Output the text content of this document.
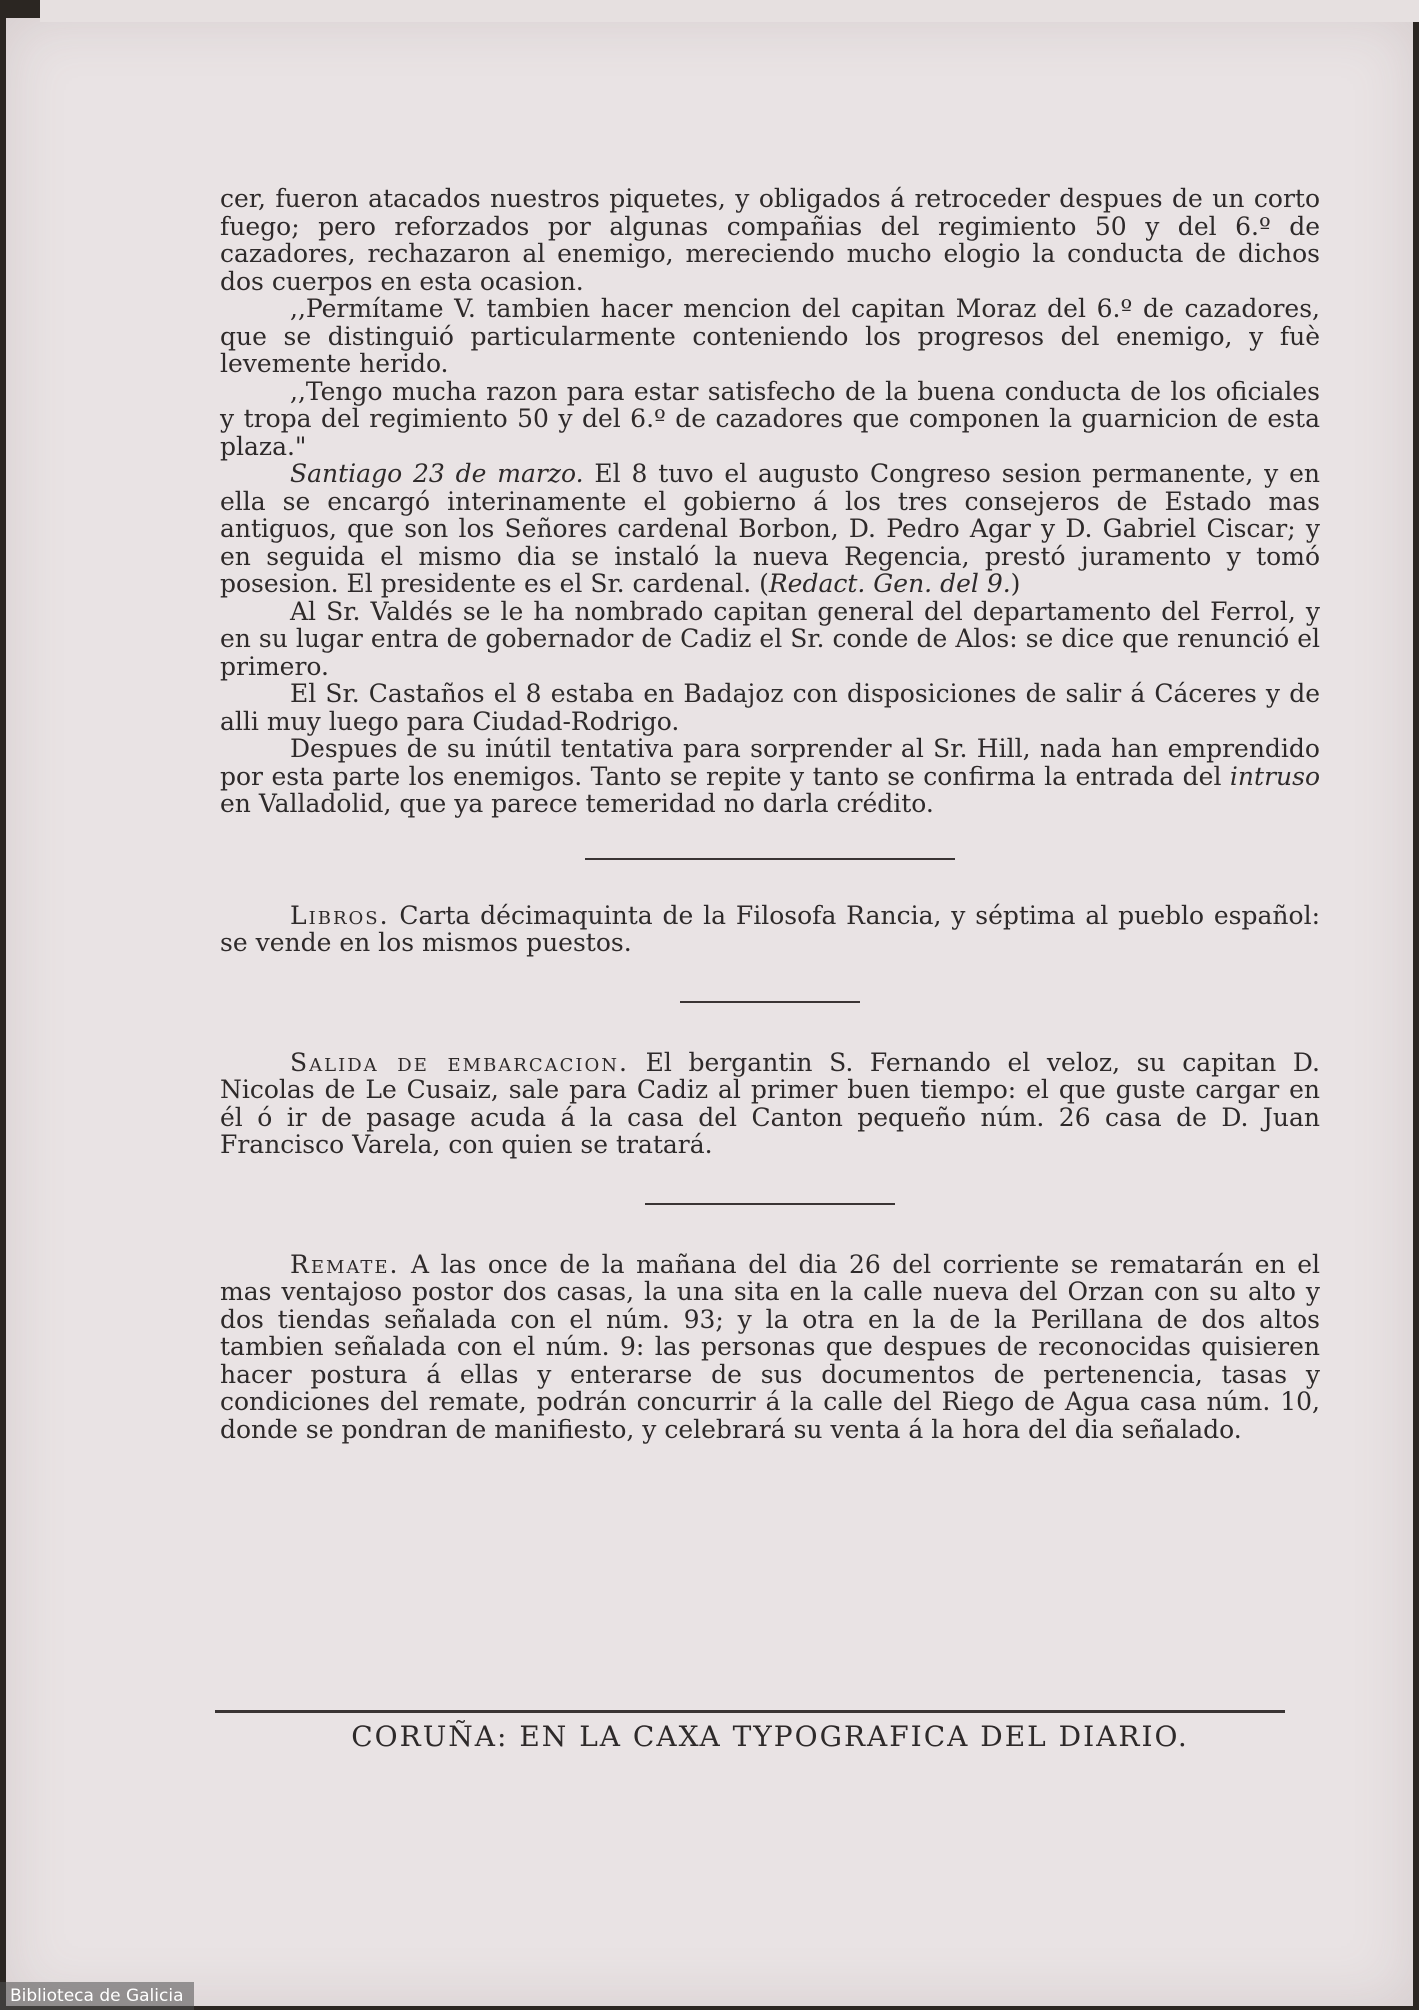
cer, fueron atacados nuestros piquetes, y obligados á retroceder despues de un corto fuego; pero reforzados por algunas compañias del regimiento 50 y del 6.º de cazadores, rechazaron al enemigo, mereciendo mucho elogio la conducta de dichos dos cuerpos en esta ocasion.

,,Permítame V. tambien hacer mencion del capitan Moraz del 6.º de cazadores, que se distinguió particularmente conteniendo los progresos del enemigo, y fuè levemente herido.

,,Tengo mucha razon para estar satisfecho de la buena conducta de los oficiales y tropa del regimiento 50 y del 6.º de cazadores que componen la guarnicion de esta plaza."

Santiago 23 de marzo. El 8 tuvo el augusto Congreso sesion permanente, y en ella se encargó interinamente el gobierno á los tres consejeros de Estado mas antiguos, que son los Señores cardenal Borbon, D. Pedro Agar y D. Gabriel Ciscar; y en seguida el mismo dia se instaló la nueva Regencia, prestó juramento y tomó posesion. El presidente es el Sr. cardenal. (Redact. Gen. del 9.)

Al Sr. Valdés se le ha nombrado capitan general del departamento del Ferrol, y en su lugar entra de gobernador de Cadiz el Sr. conde de Alos: se dice que renunció el primero.

El Sr. Castaños el 8 estaba en Badajoz con disposiciones de salir á Cáceres y de alli muy luego para Ciudad-Rodrigo.

Despues de su inútil tentativa para sorprender al Sr. Hill, nada han emprendido por esta parte los enemigos. Tanto se repite y tanto se confirma la entrada del intruso en Valladolid, que ya parece temeridad no darla crédito.

Libros. Carta décimaquinta de la Filosofa Rancia, y séptima al pueblo español: se vende en los mismos puestos.

Salida de embarcacion. El bergantin S. Fernando el veloz, su capitan D. Nicolas de Le Cusaiz, sale para Cadiz al primer buen tiempo: el que guste cargar en él ó ir de pasage acuda á la casa del Canton pequeño núm. 26 casa de D. Juan Francisco Varela, con quien se tratará.

Remate. A las once de la mañana del dia 26 del corriente se rematarán en el mas ventajoso postor dos casas, la una sita en la calle nueva del Orzan con su alto y dos tiendas señalada con el núm. 93; y la otra en la de la Perillana de dos altos tambien señalada con el núm. 9: las personas que despues de reconocidas quisieren hacer postura á ellas y enterarse de sus documentos de pertenencia, tasas y condiciones del remate, podrán concurrir á la calle del Riego de Agua casa núm. 10, donde se pondran de manifiesto, y celebrará su venta á la hora del dia señalado.

CORUÑA: EN LA CAXA TYPOGRAFICA DEL DIARIO.
Biblioteca de Galicia
